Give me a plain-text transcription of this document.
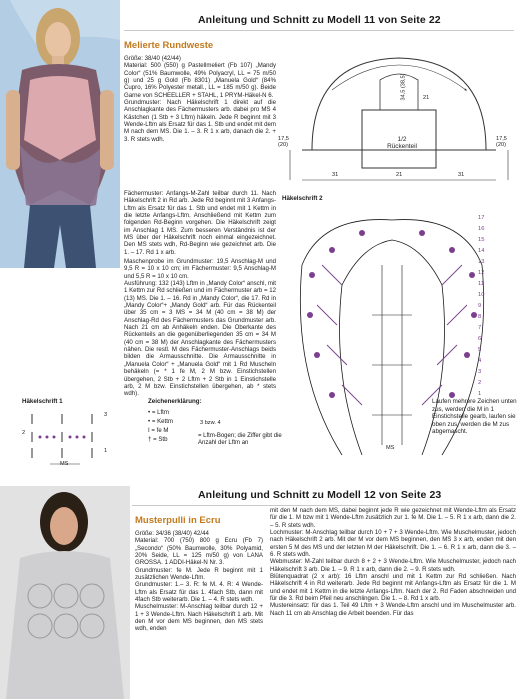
Anleitung und Schnitt zu Modell 11 von Seite 22
Melierte Rundweste

Größe: 38/40 (42/44)

Material: 500 (550) g Pastellmeliert (Fb 107) „Mandy Color“ (51% Baumwolle, 49% Polyacryl, LL = 75 m/50 g) und 25 g Gold (Fb 8301) „Manuela Gold“ (84% Cupro, 16% Polyester metall., LL = 185 m/50 g). Beide Garne von SCHEELLER + STAHL, 1 PRYM-Häkel-N 6.

Grundmuster: Nach Häkelschrift 1 direkt auf die Anschlagkante des Fächermusters arb. dabei pro MS 4 Kästchen (1 Stb + 3 Lftm) häkeln. Jede R beginnt mit 3 Wende-Lftm als Ersatz für das 1. Stb und endet mit dem M nach dem MS. Die 1. – 3. R 1 x arb, danach die 2. + 3. R stets wdh.

Fächermuster: Anfangs-M-Zahl teilbar durch 11. Nach Häkelschrift 2 in Rd arb. Jede Rd beginnt mit 3 Anfangs-Lftm als Ersatz für das 1. Stb und endet mit 1 Kettm in die letzte Anfangs-Lftm. Anschließend mit Kettm zum folgenden Rd-Beginn vorgehen. Die Häkelschrift zeigt im Anschlag 1 MS. Zum besseren Verständnis ist der MS über der Häkelschrift noch einmal eingezeichnet. Den MS stets wdh, Rd-Beginn wie gezeichnet arb. Die 1. – 17. Rd 1 x arb.

Maschenprobe im Grundmuster: 19,5 Anschlag-M und 9,5 R = 10 x 10 cm; im Fächermuster: 9,5 Anschlag-M und 5,5 R = 10 x 10 cm.

Ausführung: 132 (143) Lftm in „Mandy Color“ anschl, mit 1 Kettm zur Rd schließen und im Fächermuster arb = 12 (13) MS. Die 1. – 16. Rd in „Mandy Color“, die 17. Rd in „Mandy Color“+ „Mandy Gold“ arb. Für das Rückenteil über 35 cm = 3 MS = 34 M (40 cm = 38 M) der Anschlag-Rd des Fächermusters das Grundmuster arb. Nach 21 cm ab Anhäkeln enden. Die Oberkante des Rückenteils an die gegenüberliegenden 35 cm = 34 M (40 cm = 38 M) der Anschlagkante des Fächermusters nähen. Die restl. M des Fächermuster-Anschlags beids bilden die Armausschnitte. Die Armausschnitte in „Manuela Color“ + „Manuela Gold“ mit 1 Rd Muscheln behäkeln (= * 1 fe M, 2 M bzw. Einstichstellen übergehen, 2 Stb + 2 Lftm + 2 Stb in 1 Einstichstelle arb, 2 M bzw. Einstichstellen übergehen, ab * stets wdh).

34,5 (38,5)	21
1/2 Rückenteil
17,5 (20)
17,5 (20)
31	21	31
Häkelschrift 2
17
16
15
14
13
12
11
10
9
8
7
6
5
4
3
2
1
MS
Laufen mehrere Zeichen unten zus, werden die M in 1 Einstichstelle gearb, laufen sie oben zus, werden die M zus abgemascht.
Häkelschrift 1
3
2
1
MS
Zeichenerklärung:
• = Lftm
• = Kettm
I = fe M
† = Stb
3 bzw. 4
= Lftm-Bogen; die Ziffer gibt die Anzahl der Lftm an
Anleitung und Schnitt zu Modell 12 von Seite 23
Musterpulli in Ecru

Größe: 34/36 (38/40) 42/44

Material: 700 (750) 800 g Ecru (Fb 7) „Secondo“ (50% Baumwolle, 30% Polyamid, 20% Seide, LL = 125 m/50 g) von LANA GROSSA. 1 ADDI-Häkel-N Nr. 3.

Grundmuster: fe M. Jede R beginnt mit 1 zusätzlichen Wende-Lftm.

Grundmuster: 1.– 3. R: fe M. 4. R: 4 Wende-Lftm als Ersatz für das 1. 4fach Stb, dann mit 4fach Stb weiterarb. Die 1. – 4. R stets wdh.

Muschelmuster: M-Anschlag teilbar durch 12 + 1 + 3 Wende-Lftm. Nach Häkelschrift 1 arb. Mit den M vor dem MS beginnen, den MS stets wdh, enden

mit den M nach dem MS, dabei beginnt jede R wie gezeichnet mit Wende-Lftm als Ersatz für die 1. M bzw mit 1 Wende-Lftm zusätzlich zur 1. fe M. Die 1. – 5. R 1 x arb, dann die 2. – 5. R stets wdh.

Lochmuster: M-Anschlag teilbar durch 10 + 7 + 3 Wende-Lftm. Wie Muschelmuster, jedoch nach Häkelschrift 2 arb. Mit der M vor dem MS beginnen, den MS 3 x arb, enden mit den ersten 5 M des MS und der letzten M der Häkelschrift. Die 1. – 6. R 1 x arb, dann die 3. – 6. R stets wdh.

Webmuster: M-Zahl teilbar durch 8 + 2 + 3 Wende-Lftm. Wie Muschelmuster, jedoch nach Häkelschrift 3 arb. Die 1. – 9. R 1 x arb, dann die 2. – 9. R stets wdh.

Blütenquadrat (2 x arb): 16 Lftm anschl und mit 1 Kettm zur Rd schließen. Nach Häkelschrift 4 in Rd weiterarb. Jede Rd beginnt mit Anfangs-Lftm als Ersatz für die 1. M und endet mit 1 Kettm in die letzte Anfangs-Lftm. Nach der 2. Rd Faden abschneiden und für die 3. Rd beim Pfeil neu anschlingen. Die 1. – 8. Rd 1 x arb.

Mustereinsatz: für das 1. Teil 49 Lftm + 3 Wende-Lftm anschl und im Muschelmuster arb. Nach 11 cm ab Anschlag die Arbeit beenden. Für das
